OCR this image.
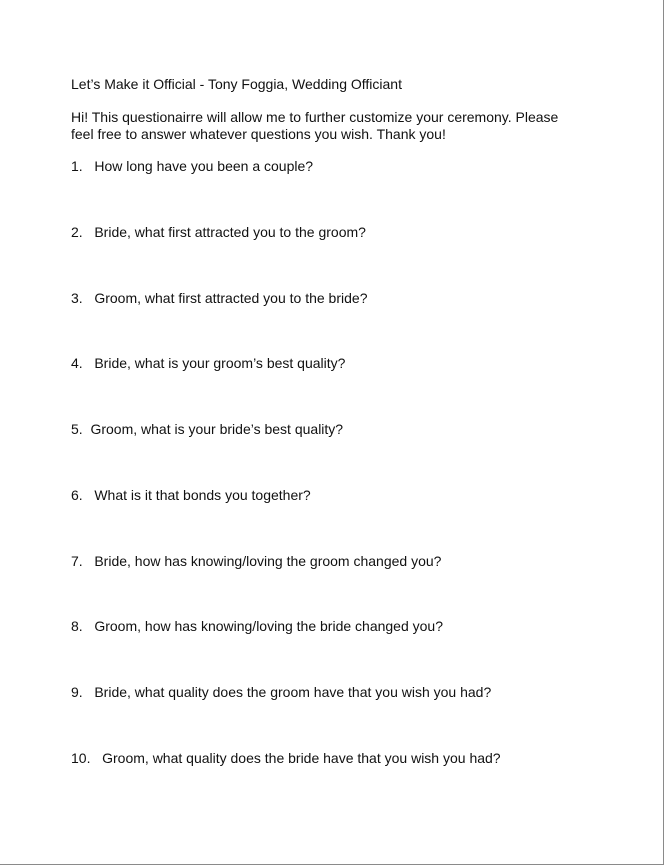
Let’s Make it Official - Tony Foggia, Wedding Officiant
Hi! This questionairre will allow me to further customize your ceremony. Please
feel free to answer whatever questions you wish. Thank you!
1.   How long have you been a couple?
2.   Bride, what first attracted you to the groom?
3.   Groom, what first attracted you to the bride?
4.   Bride, what is your groom’s best quality?
5.  Groom, what is your bride’s best quality?
6.   What is it that bonds you together?
7.   Bride, how has knowing/loving the groom changed you?
8.   Groom, how has knowing/loving the bride changed you?
9.   Bride, what quality does the groom have that you wish you had?
10.   Groom, what quality does the bride have that you wish you had?
